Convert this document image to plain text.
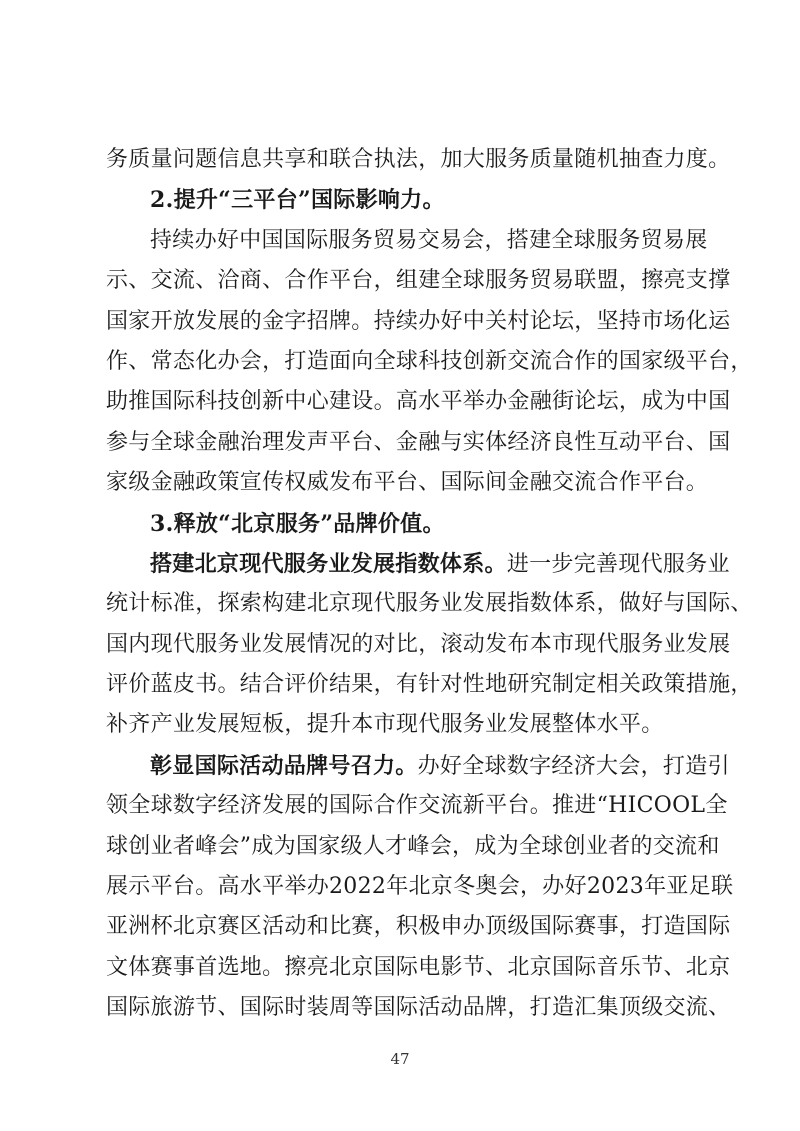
务质量问题信息共享和联合执法，加大服务质量随机抽查力度。
2.提升“三平台”国际影响力。
持续办好中国国际服务贸易交易会，搭建全球服务贸易展
示、交流、洽商、合作平台，组建全球服务贸易联盟，擦亮支撑
国家开放发展的金字招牌。持续办好中关村论坛，坚持市场化运
作、常态化办会，打造面向全球科技创新交流合作的国家级平台，
助推国际科技创新中心建设。高水平举办金融街论坛，成为中国
参与全球金融治理发声平台、金融与实体经济良性互动平台、国
家级金融政策宣传权威发布平台、国际间金融交流合作平台。
3.释放“北京服务”品牌价值。
搭建北京现代服务业发展指数体系。进一步完善现代服务业
统计标准，探索构建北京现代服务业发展指数体系，做好与国际、
国内现代服务业发展情况的对比，滚动发布本市现代服务业发展
评价蓝皮书。结合评价结果，有针对性地研究制定相关政策措施，
补齐产业发展短板，提升本市现代服务业发展整体水平。
彰显国际活动品牌号召力。办好全球数字经济大会，打造引
领全球数字经济发展的国际合作交流新平台。推进“HICOOL全
球创业者峰会”成为国家级人才峰会，成为全球创业者的交流和
展示平台。高水平举办2022年北京冬奥会，办好2023年亚足联
亚洲杯北京赛区活动和比赛，积极申办顶级国际赛事，打造国际
文体赛事首选地。擦亮北京国际电影节、北京国际音乐节、北京
国际旅游节、国际时装周等国际活动品牌，打造汇集顶级交流、
47
